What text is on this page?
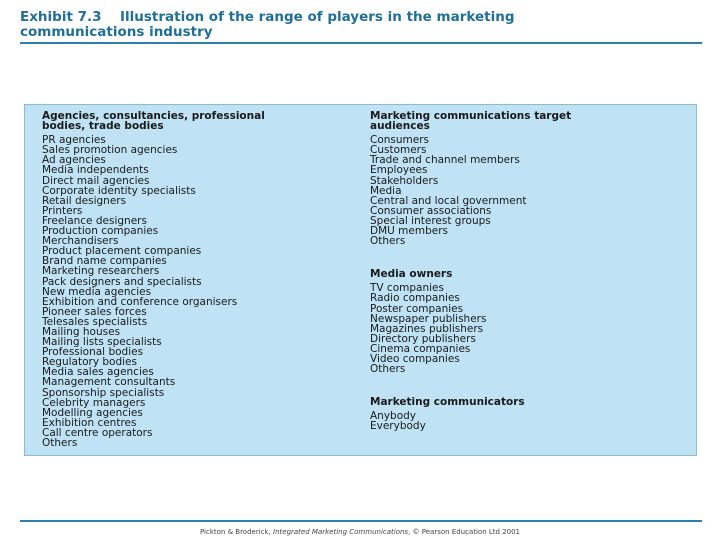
Exhibit 7.3 Illustration of the range of players in the marketing
communications industry
Agencies, consultancies, professional
bodies, trade bodies
PR agencies
Sales promotion agencies
Ad agencies
Media independents
Direct mail agencies
Corporate identity specialists
Retail designers
Printers
Freelance designers
Production companies
Merchandisers
Product placement companies
Brand name companies
Marketing researchers
Pack designers and specialists
New media agencies
Exhibition and conference organisers
Pioneer sales forces
Telesales specialists
Mailing houses
Mailing lists specialists
Professional bodies
Regulatory bodies
Media sales agencies
Management consultants
Sponsorship specialists
Celebrity managers
Modelling agencies
Exhibition centres
Call centre operators
Others
Marketing communications target
audiences
Consumers
Customers
Trade and channel members
Employees
Stakeholders
Media
Central and local government
Consumer associations
Special interest groups
DMU members
Others
Media owners
TV companies
Radio companies
Poster companies
Newspaper publishers
Magazines publishers
Directory publishers
Cinema companies
Video companies
Others
Marketing communicators
Anybody
Everybody
Pickton & Broderick, Integrated Marketing Communications, © Pearson Education Ltd 2001
